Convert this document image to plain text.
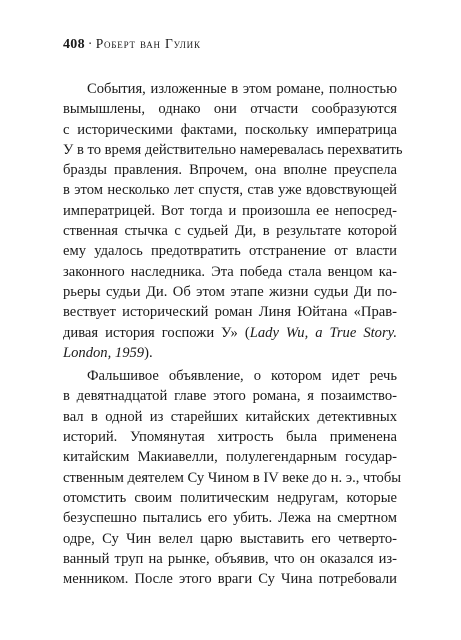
408 · Роберт ван Гулик

События, изложенные в этом романе, полностью
вымышлены, однако они отчасти сообразуются
с историческими фактами, поскольку императрица
У в то время действительно намеревалась перехватить
бразды правления. Впрочем, она вполне преуспела
в этом несколько лет спустя, став уже вдовствующей
императрицей. Вот тогда и произошла ее непосред-
ственная стычка с судьей Ди, в результате которой
ему удалось предотвратить отстранение от власти
законного наследника. Эта победа стала венцом ка-
рьеры судьи Ди. Об этом этапе жизни судьи Ди по-
вествует исторический роман Линя Юйтана «Прав-
дивая история госпожи У» (Lady Wu, a True Story.
London, 1959).

Фальшивое объявление, о котором идет речь
в девятнадцатой главе этого романа, я позаимство-
вал в одной из старейших китайских детективных
историй. Упомянутая хитрость была применена
китайским Макиавелли, полулегендарным государ-
ственным деятелем Су Чином в IV веке до н. э., чтобы
отомстить своим политическим недругам, которые
безуспешно пытались его убить. Лежа на смертном
одре, Су Чин велел царю выставить его четверто-
ванный труп на рынке, объявив, что он оказался из-
менником. После этого враги Су Чина потребовали
